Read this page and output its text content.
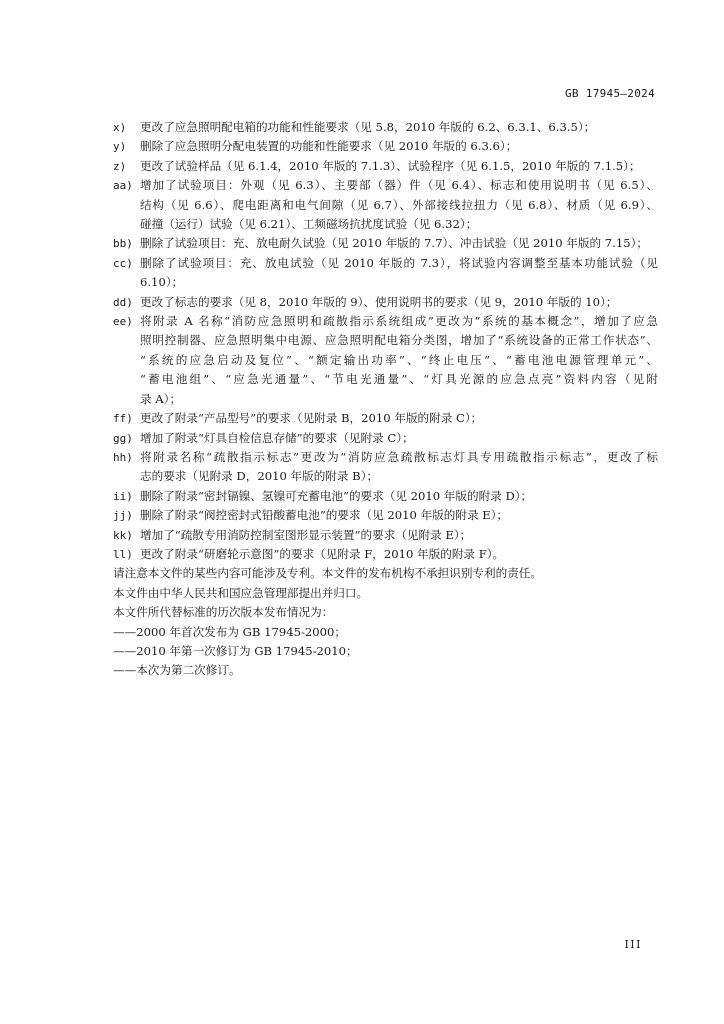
GB 17945—2024
x)	更改了应急照明配电箱的功能和性能要求（见 5.8，2010 年版的 6.2、6.3.1、6.3.5）；
y)	删除了应急照明分配电装置的功能和性能要求（见 2010 年版的 6.3.6）；
z)	更改了试验样品（见 6.1.4，2010 年版的 7.1.3）、试验程序（见 6.1.5，2010 年版的 7.1.5）；
aa) 增加了试验项目：外观（见 6.3）、主要部（器）件（见 6.4）、标志和使用说明书（见 6.5）、
结构（见 6.6）、爬电距离和电气间隙（见 6.7）、外部接线拉扭力（见 6.8）、材质（见 6.9）、
碰撞（运行）试验（见 6.21）、工频磁场抗扰度试验（见 6.32）；
bb) 删除了试验项目：充、放电耐久试验（见 2010 年版的 7.7）、冲击试验（见 2010 年版的 7.15）；
cc) 删除了试验项目：充、放电试验（见 2010 年版的 7.3），将试验内容调整至基本功能试验（见
6.10）；
dd) 更改了标志的要求（见 8，2010 年版的 9）、使用说明书的要求（见 9，2010 年版的 10）；
ee) 将附录 A 名称“消防应急照明和疏散指示系统组成”更改为“系统的基本概念”，增加了应急
照明控制器、应急照明集中电源、应急照明配电箱分类图，增加了“系统设备的正常工作状态”、
“系统的应急启动及复位”、“额定输出功率”、“终止电压”、“蓄电池电源管理单元”、
“蓄电池组”、“应急光通量”、“节电光通量”、“灯具光源的应急点亮”资料内容（见附
录 A）；
ff) 更改了附录“产品型号”的要求（见附录 B，2010 年版的附录 C）；
gg) 增加了附录“灯具自检信息存储”的要求（见附录 C）；
hh) 将附录名称“疏散指示标志”更改为“消防应急疏散标志灯具专用疏散指示标志”，更改了标
志的要求（见附录 D，2010 年版的附录 B）；
ii) 删除了附录“密封镉镍、氢镍可充蓄电池”的要求（见 2010 年版的附录 D）；
jj) 删除了附录“阀控密封式铅酸蓄电池”的要求（见 2010 年版的附录 E）；
kk) 增加了“疏散专用消防控制室图形显示装置”的要求（见附录 E）；
ll) 更改了附录“研磨轮示意图”的要求（见附录 F，2010 年版的附录 F）。
请注意本文件的某些内容可能涉及专利。本文件的发布机构不承担识别专利的责任。
本文件由中华人民共和国应急管理部提出并归口。
本文件所代替标准的历次版本发布情况为：
——2000 年首次发布为 GB 17945-2000；
——2010 年第一次修订为 GB 17945-2010；
——本次为第二次修订。
III
